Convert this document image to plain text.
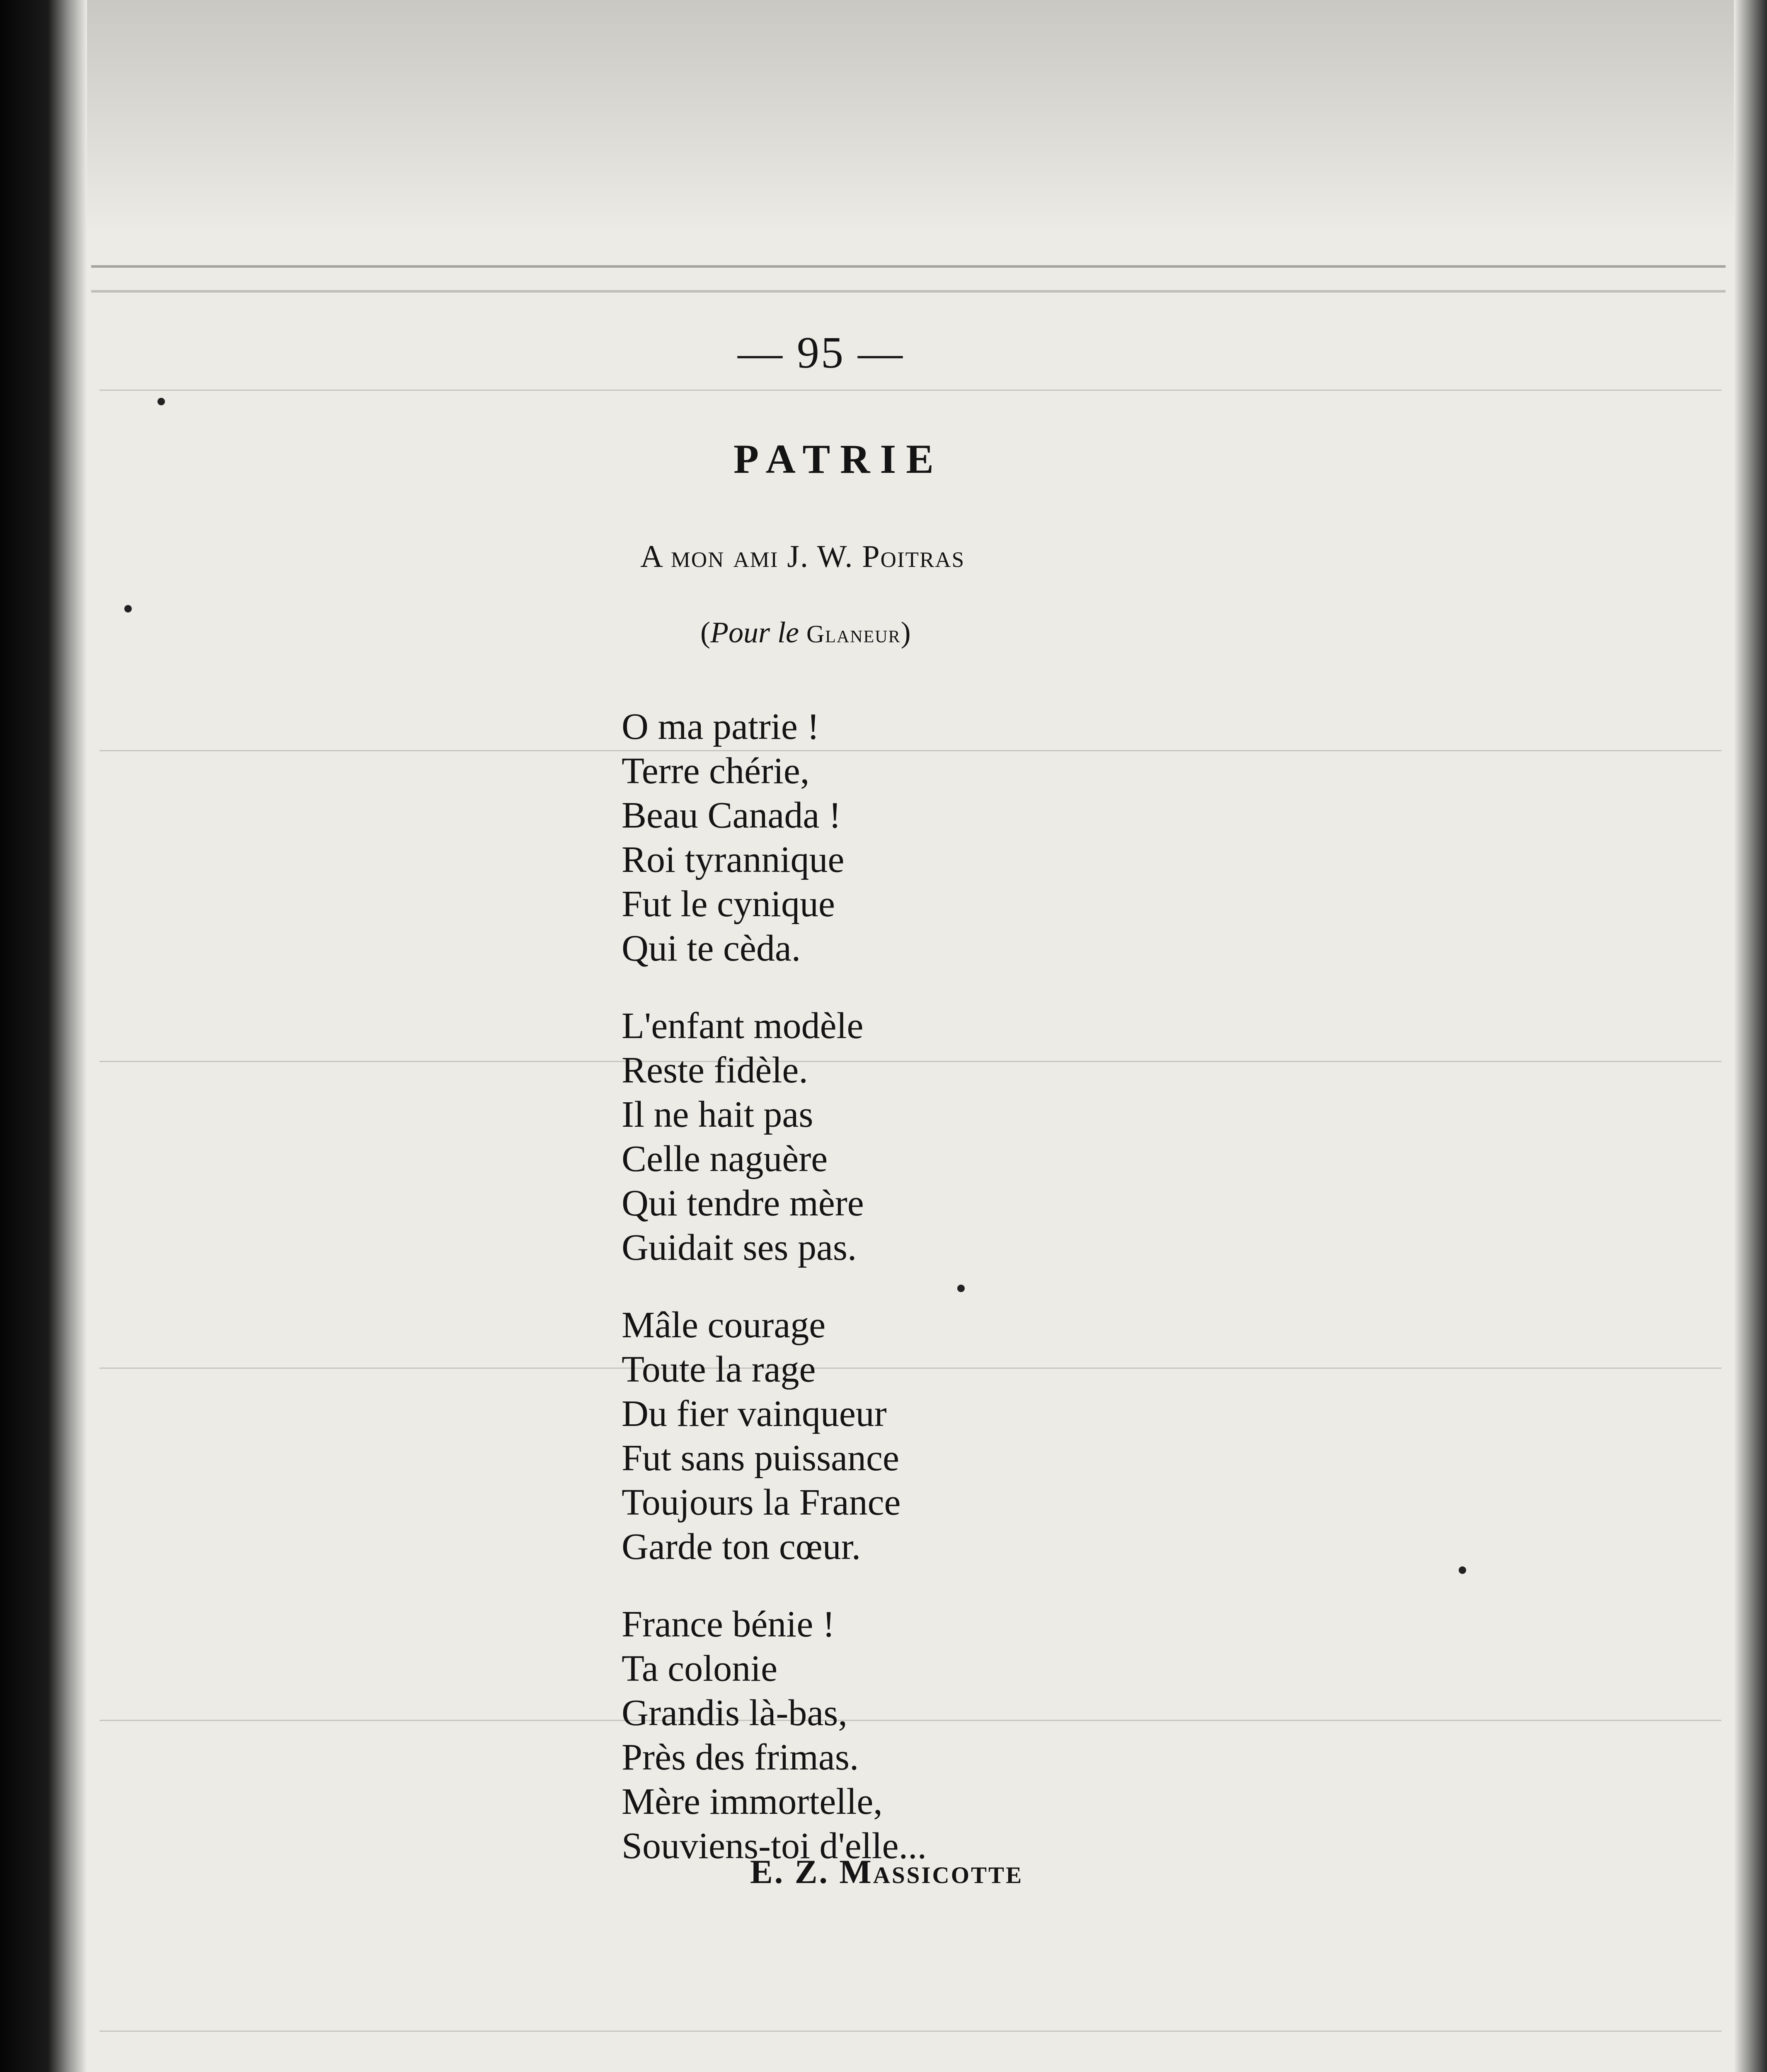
— 95 —
PATRIE
A mon ami J. W. Poitras
(Pour le Glaneur)
O ma patrie !
Terre chérie,
Beau Canada !
Roi tyrannique
Fut le cynique
Qui te cèda.
L'enfant modèle
Reste fidèle.
Il ne hait pas
Celle naguère
Qui tendre mère
Guidait ses pas.
Mâle courage
Toute la rage
Du fier vainqueur
Fut sans puissance
Toujours la France
Garde ton cœur.
France bénie !
Ta colonie
Grandis là-bas,
Près des frimas.
Mère immortelle,
Souviens-toi d'elle...
E. Z. Massicotte
